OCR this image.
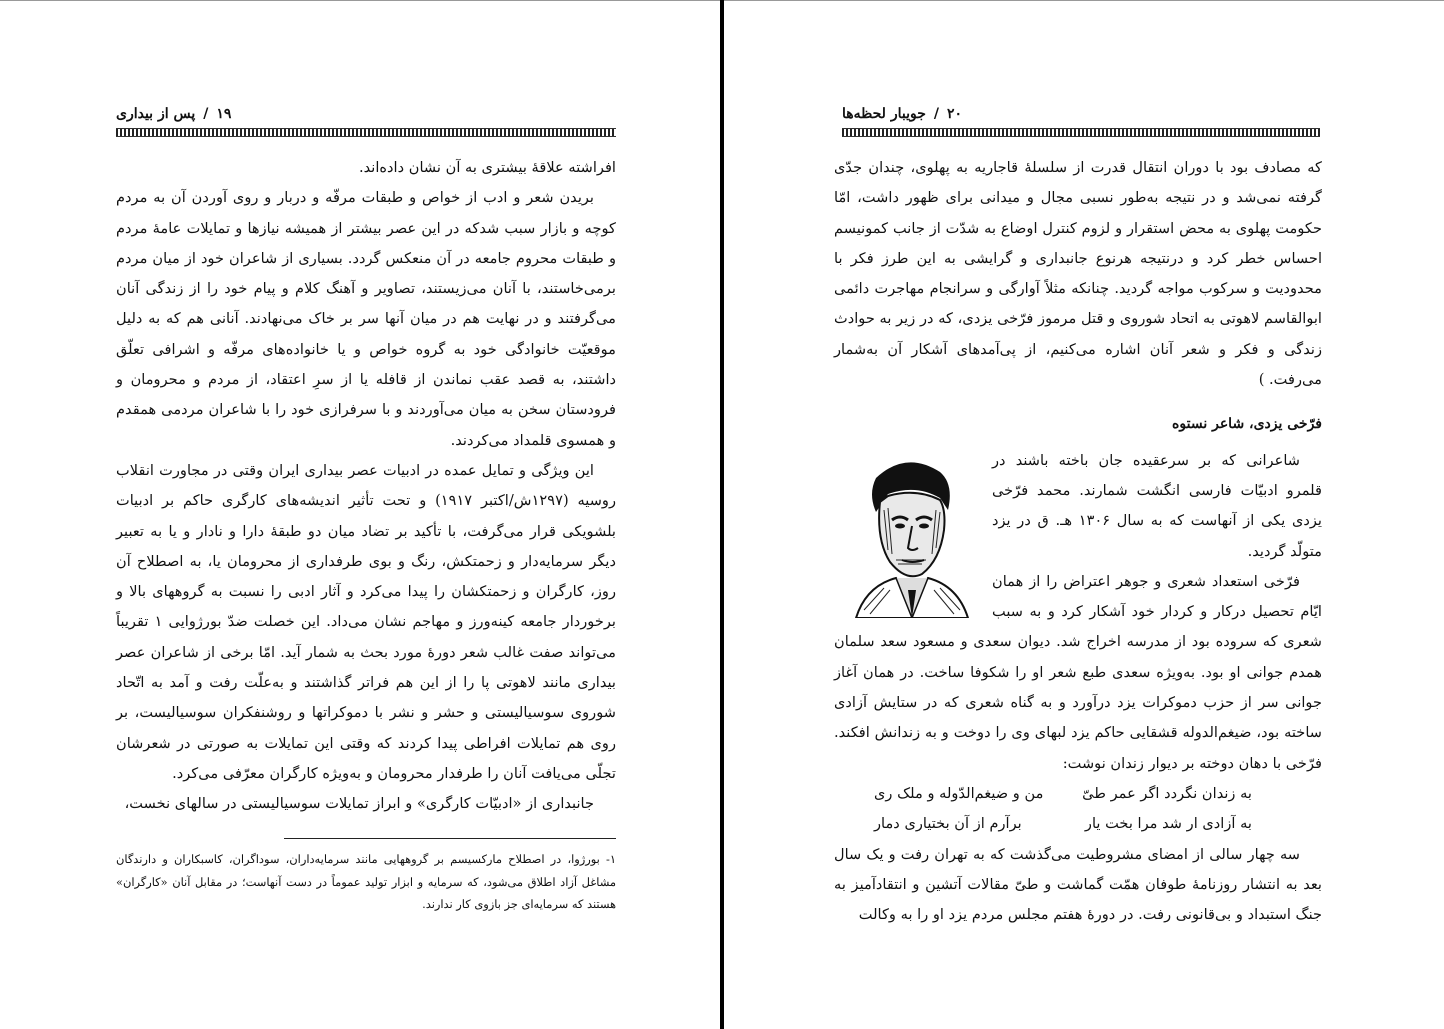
پس از بیداری / ۱۹

افراشته علاقهٔ بیشتری به آن نشان داده‌اند.

بریدن شعر و ادب از خواص و طبقات مرفّه و دربار و روی آوردن آن به مردم کوچه و بازار سبب شدکه در این عصر بیشتر از همیشه نیازها و تمایلات عامهٔ مردم و طبقات محروم جامعه در آن منعکس گردد. بسیاری از شاعران خود از میان مردم برمی‌خاستند، با آنان می‌زیستند، تصاویر و آهنگ کلام و پیام خود را از زندگی آنان می‌گرفتند و در نهایت هم در میان آنها سر بر خاک می‌نهادند. آنانی هم که به دلیل موقعیّت خانوادگی خود به گروه خواص و یا خانواده‌های مرفّه و اشرافی تعلّق داشتند، به قصد عقب نماندن از قافله یا از سرِ اعتقاد، از مردم و محرومان و فرودستان سخن به میان می‌آوردند و با سرفرازی خود را با شاعران مردمی همقدم و همسوی قلمداد می‌کردند.

این ویژگی و تمایل عمده در ادبیات عصر بیداری ایران وقتی در مجاورت انقلاب روسیه (۱۲۹۷ش/اکتبر ۱۹۱۷) و تحت تأثیر اندیشه‌های کارگری حاکم بر ادبیات بلشویکی قرار می‌گرفت، با تأکید بر تضاد میان دو طبقهٔ دارا و نادار و یا به تعبیر دیگر سرمایه‌دار و زحمتکش، رنگ و بوی طرفداری از محرومان یا، به اصطلاح آن روز، کارگران و زحمتکشان را پیدا می‌کرد و آثار ادبی را نسبت به گروههای بالا و برخوردار جامعه کینه‌ورز و مهاجم نشان می‌داد. این خصلت ضدّ بورژوایی ۱ تقریباً می‌تواند صفت غالب شعر دورهٔ مورد بحث به شمار آید. امّا برخی از شاعران عصر بیداری مانند لاهوتی پا را از این هم فراتر گذاشتند و به‌علّت رفت و آمد به اتّحاد شوروی سوسیالیستی و حشر و نشر با دموکراتها و روشنفکران سوسیالیست، بر روی هم تمایلات افراطی پیدا کردند که وقتی این تمایلات به صورتی در شعرشان تجلّی می‌یافت آنان را طرفدار محرومان و به‌ویژه کارگران معرّفی می‌کرد.

جانبداری از «ادبیّات کارگری» و ابراز تمایلات سوسیالیستی در سالهای نخست،

۱- بورژوا، در اصطلاح مارکسیسم بر گروههایی مانند سرمایه‌داران، سوداگران، کاسبکاران و دارندگان مشاغل آزاد اطلاق می‌شود، که سرمایه و ابزار تولید عموماً در دست آنهاست؛ در مقابل آنان «کارگران» هستند که سرمایه‌ای جز بازوی کار ندارند.

جویبار لحظه‌ها / ۲۰

که مصادف بود با دوران انتقال قدرت از سلسلهٔ قاجاریه به پهلوی، چندان جدّی گرفته نمی‌شد و در نتیجه به‌طور نسبی مجال و میدانی برای ظهور داشت، امّا حکومت پهلوی به محض استقرار و لزوم کنترل اوضاع به شدّت از جانب کمونیسم احساس خطر کرد و درنتیجه هرنوع جانبداری و گرایشی به این طرز فکر با محدودیت و سرکوب مواجه گردید. چنانکه مثلاً آوارگی و سرانجام مهاجرت دائمی ابوالقاسم لاهوتی به اتحاد شوروی و قتل مرموز فرّخی یزدی، که در زیر به حوادث زندگی و فکر و شعر آنان اشاره می‌کنیم، از پی‌آمدهای آشکار آن به‌شمار می‌رفت. )

فرّخی یزدی، شاعر نستوه

شاعرانی که بر سرعقیده جان باخته باشند در قلمرو ادبیّات فارسی انگشت شمارند. محمد فرّخی یزدی یکی از آنهاست که به سال ۱۳۰۶ هـ. ق در یزد متولّد گردید.

فرّخی استعداد شعری و جوهر اعتراض را از همان ایّام تحصیل درکار و کردار خود آشکار کرد و به سبب شعری که سروده بود از مدرسه اخراج شد. دیوان سعدی و مسعود سعد سلمان همدم جوانی او بود. به‌ویژه سعدی طبع شعر او را شکوفا ساخت. در همان آغاز جوانی سر از حزب دموکرات یزد درآورد و به گناه شعری که در ستایش آزادی ساخته بود، ضیغم‌الدوله قشقایی حاکم یزد لبهای وی را دوخت و به زندانش افکند. فرّخی با دهان دوخته بر دیوار زندان نوشت:

به زندان نگردد اگر عمر طیّ
من و ضیغم‌الدّوله و ملک ری
به آزادی ار شد مرا بخت یار
برآرم از آن بختیاری دمار

سه چهار سالی از امضای مشروطیت می‌گذشت که به تهران رفت و یک سال بعد به انتشار روزنامهٔ طوفان همّت گماشت و طیّ مقالات آتشین و انتقادآمیز به جنگ استبداد و بی‌قانونی رفت. در دورهٔ هفتم مجلس مردم یزد او را به وکالت
